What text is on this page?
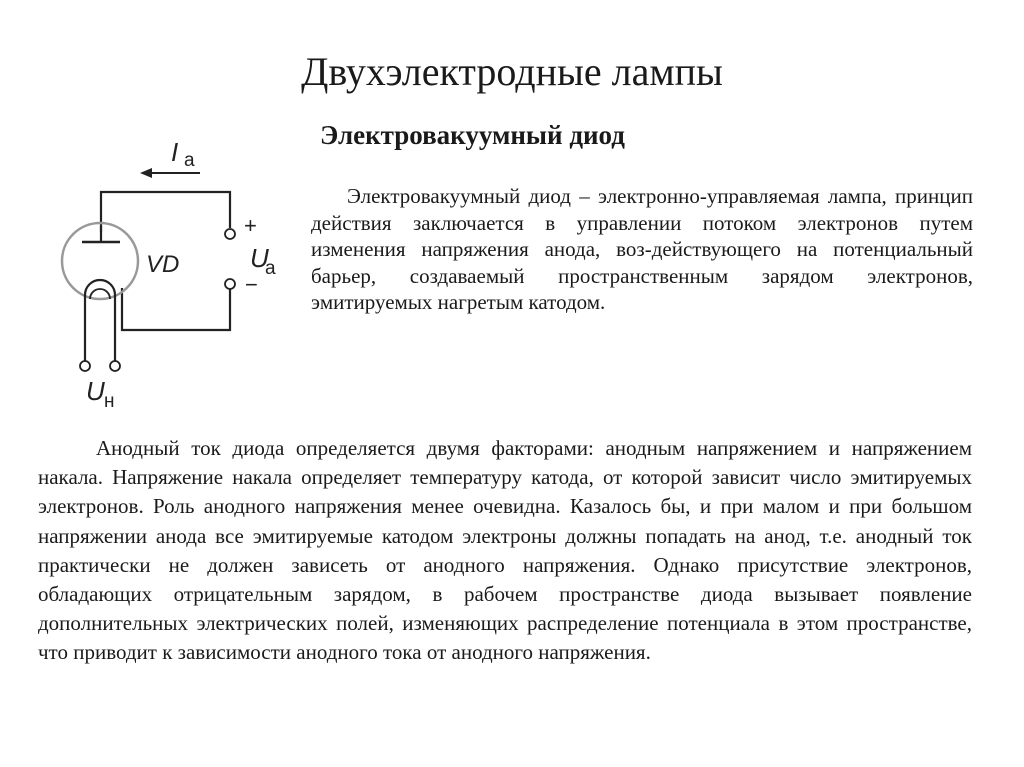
Двухэлектродные лампы
Электровакуумный диод
I а
+
−
U
а
VD
U н

Электровакуумный диод – электронно-управляемая лампа, принцип действия заключается в управлении потоком электронов путем изменения напряжения анода, воз-действующего на потенциальный барьер, создаваемый пространственным зарядом электронов, эмитируемых нагретым катодом.

Анодный ток диода определяется двумя факторами: анодным напряжением и напряжением накала. Напряжение накала определяет температуру катода, от которой зависит число эмитируемых электронов. Роль анодного напряжения менее очевидна. Казалось бы, и при малом и при большом напряжении анода все эмитируемые катодом электроны должны попадать на анод, т.е. анодный ток практически не должен зависеть от анодного напряжения. Однако присутствие электронов, обладающих отрицательным зарядом, в рабочем пространстве диода вызывает появление дополнительных электрических полей, изменяющих распределение потенциала в этом пространстве, что приводит к зависимости анодного тока от анодного напряжения.
